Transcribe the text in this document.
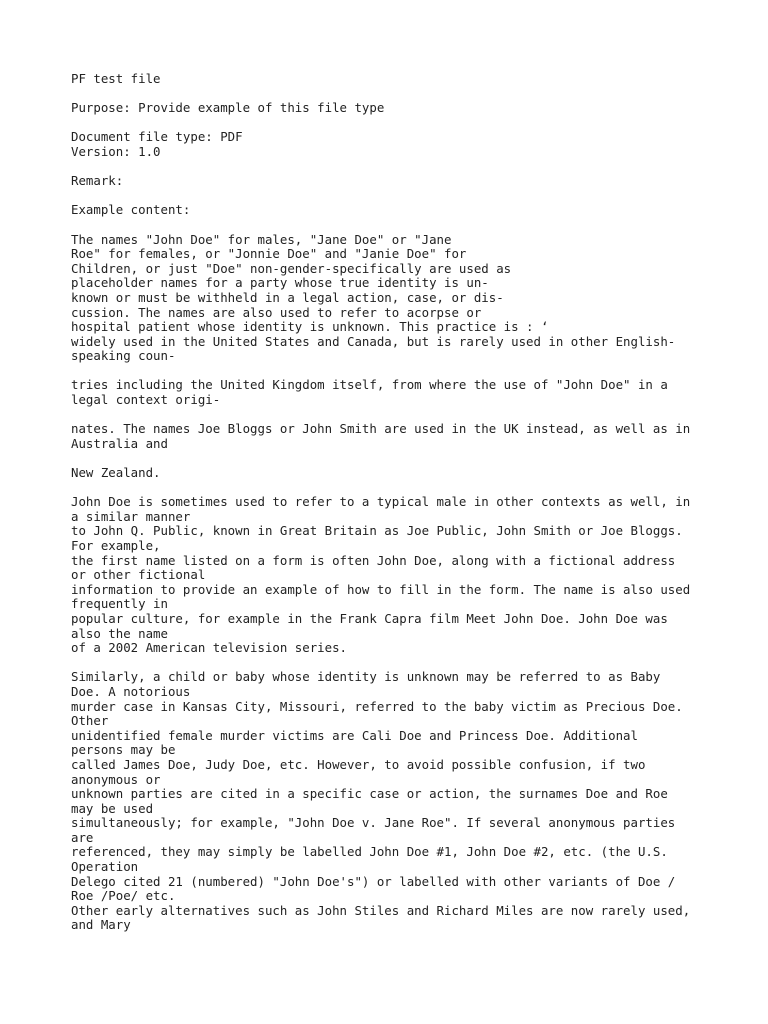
PF test file
Purpose: Provide example of this file type
Document file type: PDF
Version: 1.0
Remark:
Example content:
The names "John Doe" for males, "Jane Doe" or "Jane
Roe" for females, or "Jonnie Doe" and "Janie Doe" for
Children, or just "Doe" non-gender-specifically are used as
placeholder names for a party whose true identity is un-
known or must be withheld in a legal action, case, or dis-
cussion. The names are also used to refer to acorpse or
hospital patient whose identity is unknown. This practice is : ‘
widely used in the United States and Canada, but is rarely used in other English-
speaking coun-
tries including the United Kingdom itself, from where the use of "John Doe" in a
legal context origi-
nates. The names Joe Bloggs or John Smith are used in the UK instead, as well as in
Australia and
New Zealand.
John Doe is sometimes used to refer to a typical male in other contexts as well, in
a similar manner
to John Q. Public, known in Great Britain as Joe Public, John Smith or Joe Bloggs.
For example,
the first name listed on a form is often John Doe, along with a fictional address
or other fictional
information to provide an example of how to fill in the form. The name is also used
frequently in
popular culture, for example in the Frank Capra film Meet John Doe. John Doe was
also the name
of a 2002 American television series.
Similarly, a child or baby whose identity is unknown may be referred to as Baby
Doe. A notorious
murder case in Kansas City, Missouri, referred to the baby victim as Precious Doe.
Other
unidentified female murder victims are Cali Doe and Princess Doe. Additional
persons may be
called James Doe, Judy Doe, etc. However, to avoid possible confusion, if two
anonymous or
unknown parties are cited in a specific case or action, the surnames Doe and Roe
may be used
simultaneously; for example, "John Doe v. Jane Roe". If several anonymous parties
are
referenced, they may simply be labelled John Doe #1, John Doe #2, etc. (the U.S.
Operation
Delego cited 21 (numbered) "John Doe's") or labelled with other variants of Doe /
Roe /Poe/ etc.
Other early alternatives such as John Stiles and Richard Miles are now rarely used,
and Mary
